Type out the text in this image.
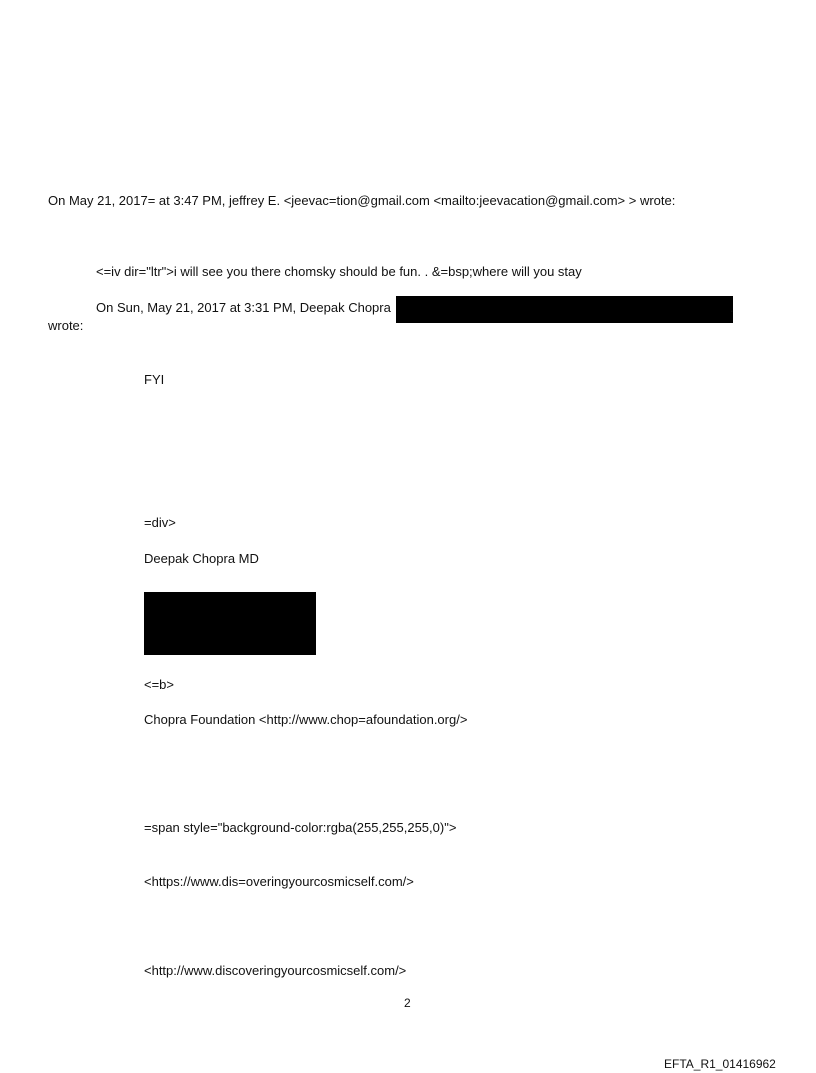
On May 21, 2017= at 3:47 PM, jeffrey E. <jeevac=tion@gmail.com <mailto:jeevacation@gmail.com> > wrote:
<=iv dir="ltr">i will see you there chomsky should be fun. . &=bsp;where will you stay
On Sun, May 21, 2017 at 3:31 PM, Deepak Chopra	.
wrote:
FYI
=div>
Deepak Chopra MD
<=b>
Chopra Foundation <http://www.chop=afoundation.org/>
=span style="background-color:rgba(255,255,255,0)">
<https://www.dis=overingyourcosmicself.com/>
<http://www.discoveringyourcosmicself.com/>
2
EFTA_R1_01416962
